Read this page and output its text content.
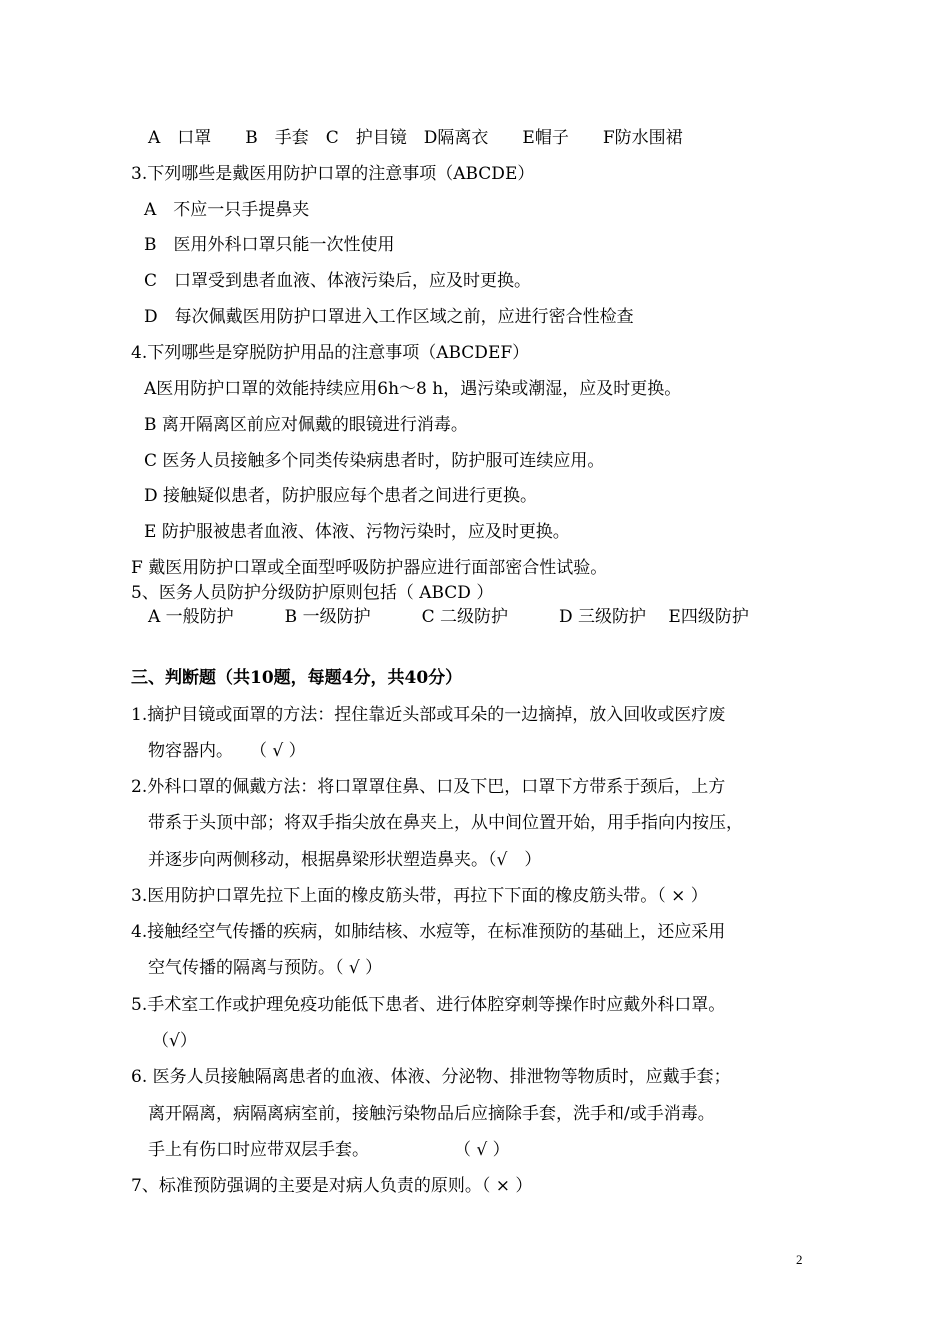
A　口罩　　B　手套　C　护目镜　D隔离衣　　E帽子　　F防水围裙
3.下列哪些是戴医用防护口罩的注意事项（ABCDE）
A　不应一只手提鼻夹
B　医用外科口罩只能一次性使用
C　口罩受到患者血液、体液污染后，应及时更换。
D　每次佩戴医用防护口罩进入工作区域之前，应进行密合性检查
4.下列哪些是穿脱防护用品的注意事项（ABCDEF）
A医用防护口罩的效能持续应用6h～8 h，遇污染或潮湿，应及时更换。
B 离开隔离区前应对佩戴的眼镜进行消毒。
C 医务人员接触多个同类传染病患者时，防护服可连续应用。
D 接触疑似患者，防护服应每个患者之间进行更换。
E 防护服被患者血液、体液、污物污染时，应及时更换。
F 戴医用防护口罩或全面型呼吸防护器应进行面部密合性试验。
5、医务人员防护分级防护原则包括（ ABCD ）
A 一般防护　　　B 一级防护　　　C 二级防护　　　D 三级防护　 E四级防护
三、判断题（共10题，每题4分，共40分）
1.摘护目镜或面罩的方法：捏住靠近头部或耳朵的一边摘掉，放入回收或医疗废
物容器内。　　（ √ ）
2.外科口罩的佩戴方法：将口罩罩住鼻、口及下巴，口罩下方带系于颈后，上方
带系于头顶中部；将双手指尖放在鼻夹上，从中间位置开始，用手指向内按压，
并逐步向两侧移动，根据鼻梁形状塑造鼻夹。（√　）
3.医用防护口罩先拉下上面的橡皮筋头带，再拉下下面的橡皮筋头带。（ × ）
4.接触经空气传播的疾病，如肺结核、水痘等，在标准预防的基础上，还应采用
空气传播的隔离与预防。（ √ ）
5.手术室工作或护理免疫功能低下患者、进行体腔穿刺等操作时应戴外科口罩。
（√）
6. 医务人员接触隔离患者的血液、体液、分泌物、排泄物等物质时，应戴手套；
离开隔离，病隔离病室前，接触污染物品后应摘除手套，洗手和/或手消毒。
手上有伤口时应带双层手套。　　　　　　（ √ ）
7、标准预防强调的主要是对病人负责的原则。（ × ）
2
